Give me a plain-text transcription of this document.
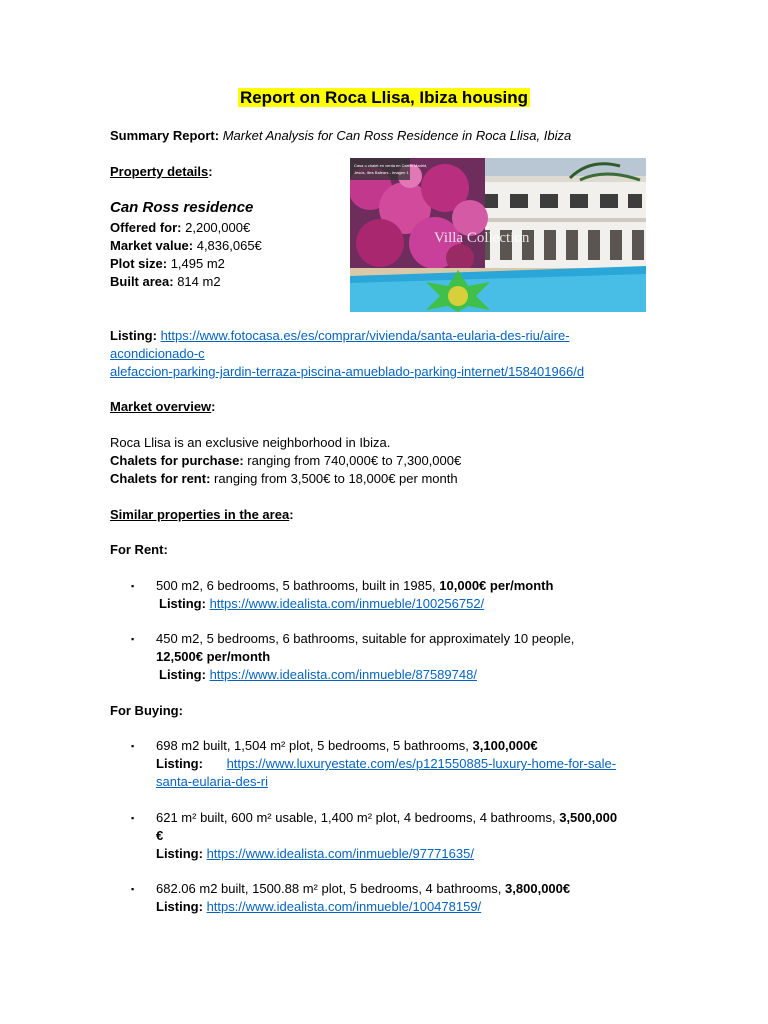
Report on Roca Llisa, Ibiza housing
Summary Report: Market Analysis for Can Ross Residence in Roca Llisa, Ibiza
Property details:
Can Ross residence
Offered for: 2,200,000€
Market value: 4,836,065€
Plot size: 1,495 m2
Built area: 814 m2
Villa Collection
Casa o chalet en venta en Carrer Madrid,
Jesús, Illes Balears - Imagen 1
Listing: https://www.fotocasa.es/es/comprar/vivienda/santa-eularia-des-riu/aire-
acondicionado-c
alefaccion-parking-jardin-terraza-piscina-amueblado-parking-internet/158401966/d
Market overview:
Roca Llisa is an exclusive neighborhood in Ibiza.
Chalets for purchase: ranging from 740,000€ to 7,300,000€
Chalets for rent: ranging from 3,500€ to 18,000€ per month
Similar properties in the area:
For Rent:
▪ 500 m2, 6 bedrooms, 5 bathrooms, built in 1985, 10,000€ per/month
Listing: https://www.idealista.com/inmueble/100256752/
▪ 450 m2, 5 bedrooms, 6 bathrooms, suitable for approximately 10 people,
12,500€ per/month
Listing: https://www.idealista.com/inmueble/87589748/
For Buying:
▪ 698 m2 built, 1,504 m² plot, 5 bedrooms, 5 bathrooms, 3,100,000€
Listing: https://www.luxuryestate.com/es/p121550885-luxury-home-for-sale-
santa-eularia-des-ri
▪ 621 m² built, 600 m² usable, 1,400 m² plot, 4 bedrooms, 4 bathrooms, 3,500,000
€
Listing: https://www.idealista.com/inmueble/97771635/
▪ 682.06 m2 built, 1500.88 m² plot, 5 bedrooms, 4 bathrooms, 3,800,000€
Listing: https://www.idealista.com/inmueble/100478159/
